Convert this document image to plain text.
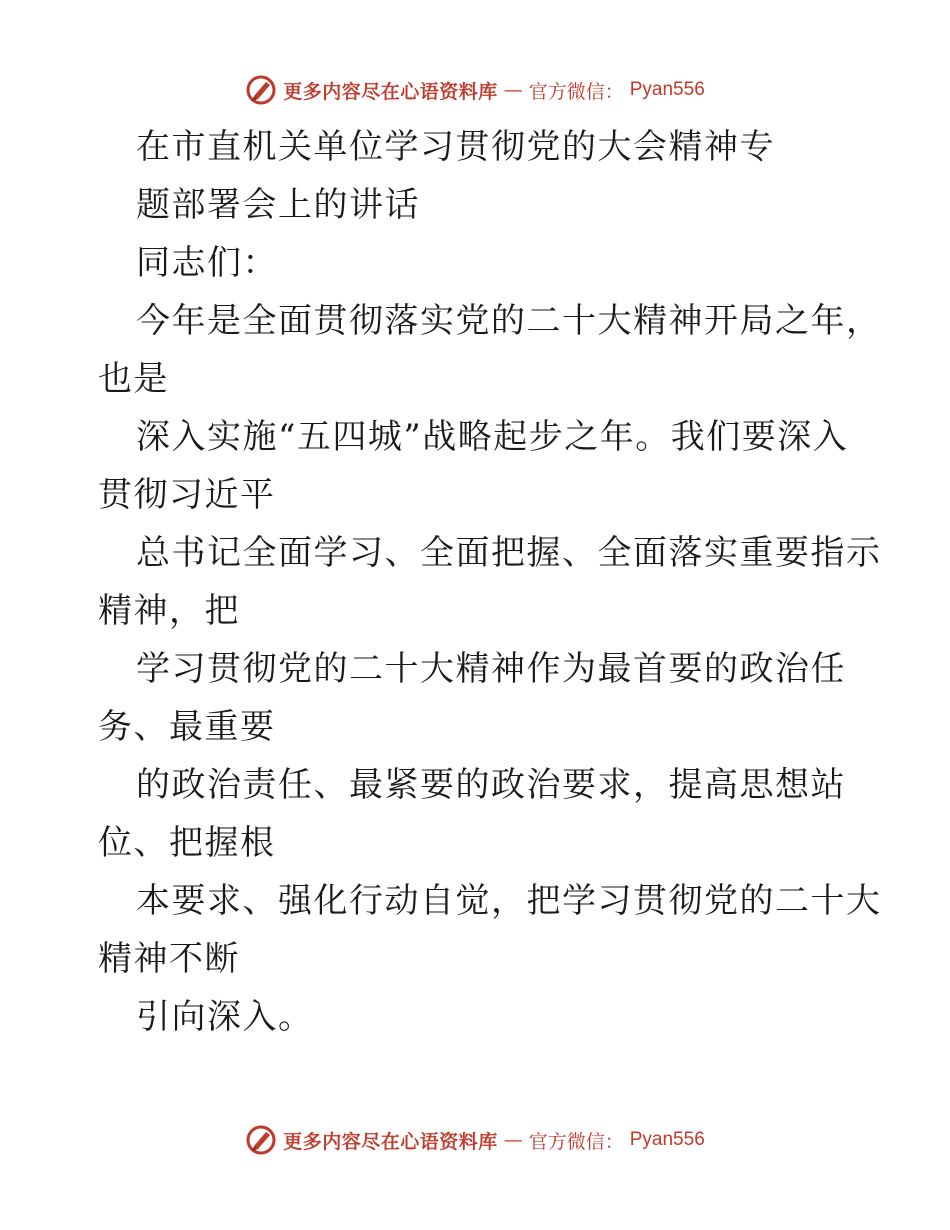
更多内容尽在心语资料库 — 官方微信： Pyan556
在市直机关单位学习贯彻党的大会精神专
题部署会上的讲话
同志们：
今年是全面贯彻落实党的二十大精神开局之年，
也是
深入实施“五四城”战略起步之年。我们要深入
贯彻习近平
总书记全面学习、全面把握、全面落实重要指示
精神，把
学习贯彻党的二十大精神作为最首要的政治任
务、最重要
的政治责任、最紧要的政治要求，提高思想站
位、把握根
本要求、强化行动自觉，把学习贯彻党的二十大
精神不断
引向深入。
更多内容尽在心语资料库 — 官方微信： Pyan556
